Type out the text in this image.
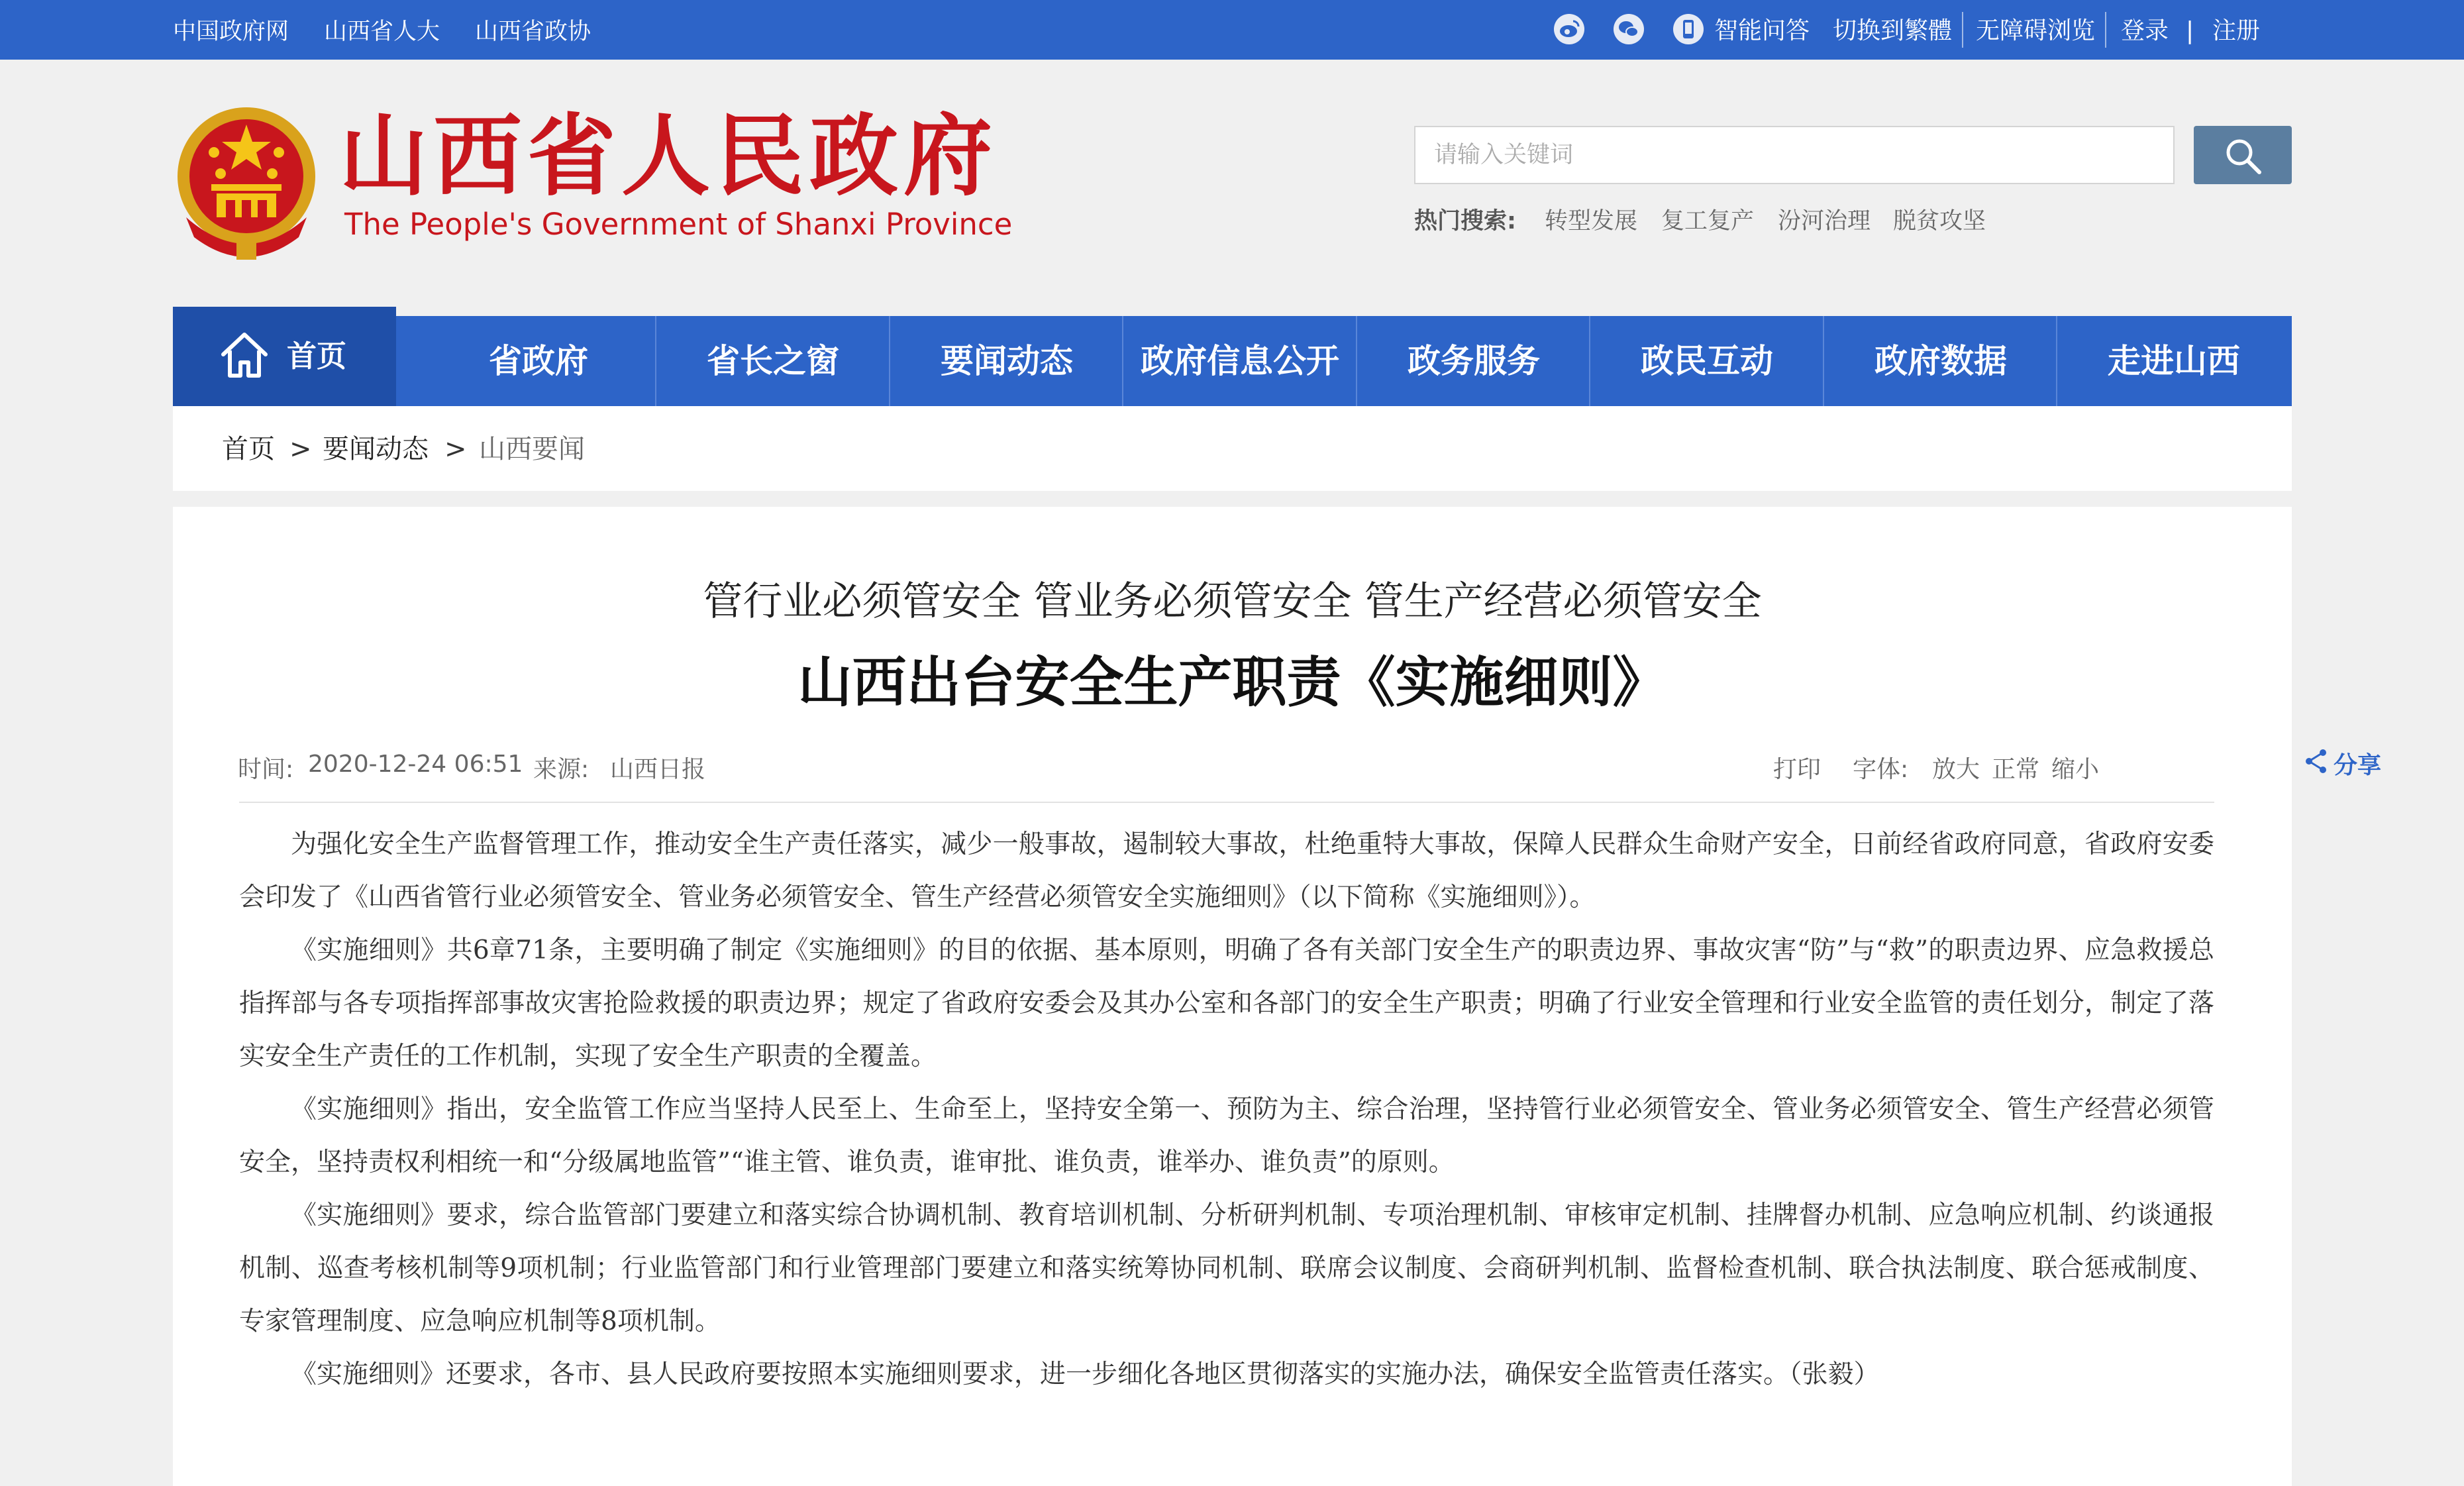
中国政府网 山西省人大 山西省政协	智能问答 切换到繁體 无障碍浏览 登录 | 注册
山西省人民政府
The People's Government of Shanxi Province
请输入关键词
热门搜索: 转型发展 复工复产 汾河治理 脱贫攻坚
首页	省政府	省长之窗	要闻动态	政府信息公开	政务服务	政民互动	政府数据	走进山西
首页 > 要闻动态 > 山西要闻
管行业必须管安全 管业务必须管安全 管生产经营必须管安全
山西出台安全生产职责《实施细则》
时间: 2020-12-24 06:51 来源: 山西日报	打印 字体: 放大 正常 缩小	分享

为强化安全生产监督管理工作，推动安全生产责任落实，减少一般事故，遏制较大事故，杜绝重特大事故，保障人民群众生命财产安全，日前经省政府同意，省政府安委会印发了《山西省管行业必须管安全、管业务必须管安全、管生产经营必须管安全实施细则》（以下简称《实施细则》）。

《实施细则》共6章71条，主要明确了制定《实施细则》的目的依据、基本原则，明确了各有关部门安全生产的职责边界、事故灾害“防”与“救”的职责边界、应急救援总指挥部与各专项指挥部事故灾害抢险救援的职责边界；规定了省政府安委会及其办公室和各部门的安全生产职责；明确了行业安全管理和行业安全监管的责任划分，制定了落实安全生产责任的工作机制，实现了安全生产职责的全覆盖。

《实施细则》指出，安全监管工作应当坚持人民至上、生命至上，坚持安全第一、预防为主、综合治理，坚持管行业必须管安全、管业务必须管安全、管生产经营必须管安全，坚持责权利相统一和“分级属地监管”“谁主管、谁负责，谁审批、谁负责，谁举办、谁负责”的原则。

《实施细则》要求，综合监管部门要建立和落实综合协调机制、教育培训机制、分析研判机制、专项治理机制、审核审定机制、挂牌督办机制、应急响应机制、约谈通报机制、巡查考核机制等9项机制；行业监管部门和行业管理部门要建立和落实统筹协同机制、联席会议制度、会商研判机制、监督检查机制、联合执法制度、联合惩戒制度、专家管理制度、应急响应机制等8项机制。

《实施细则》还要求，各市、县人民政府要按照本实施细则要求，进一步细化各地区贯彻落实的实施办法，确保安全监管责任落实。（张毅）
